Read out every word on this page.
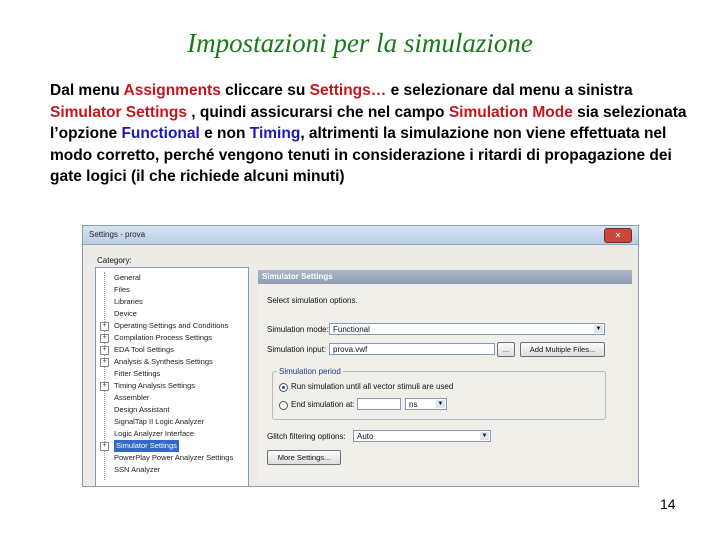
Impostazioni per la simulazione
Dal menu Assignments cliccare su Settings… e selezionare dal menu a sinistra Simulator Settings , quindi assicurarsi che nel campo Simulation Mode sia selezionata l’opzione Functional e non Timing, altrimenti la simulazione non viene effettuata nel modo corretto, perché vengono tenuti in considerazione i ritardi di propagazione dei gate logici (il che richiede alcuni minuti)
Settings - prova	✕
Category:
General
Files
Libraries
Device
+ Operating Settings and Conditions
+ Compilation Process Settings
+ EDA Tool Settings
+ Analysis & Synthesis Settings
Fitter Settings
+ Timing Analysis Settings
Assembler
Design Assistant
SignalTap II Logic Analyzer
Logic Analyzer Interface
+	Simulator Settings
PowerPlay Power Analyzer Settings
SSN Analyzer
Simulator Settings
Select simulation options.
Simulation mode: Functional	▼
Simulation input: prova.vwf	...	Add Multiple Files...
Simulation period
Run simulation until all vector stimuli are used
End simulation at:	ns	▼
Glitch filtering options:	Auto	▼
More Settings...
14
